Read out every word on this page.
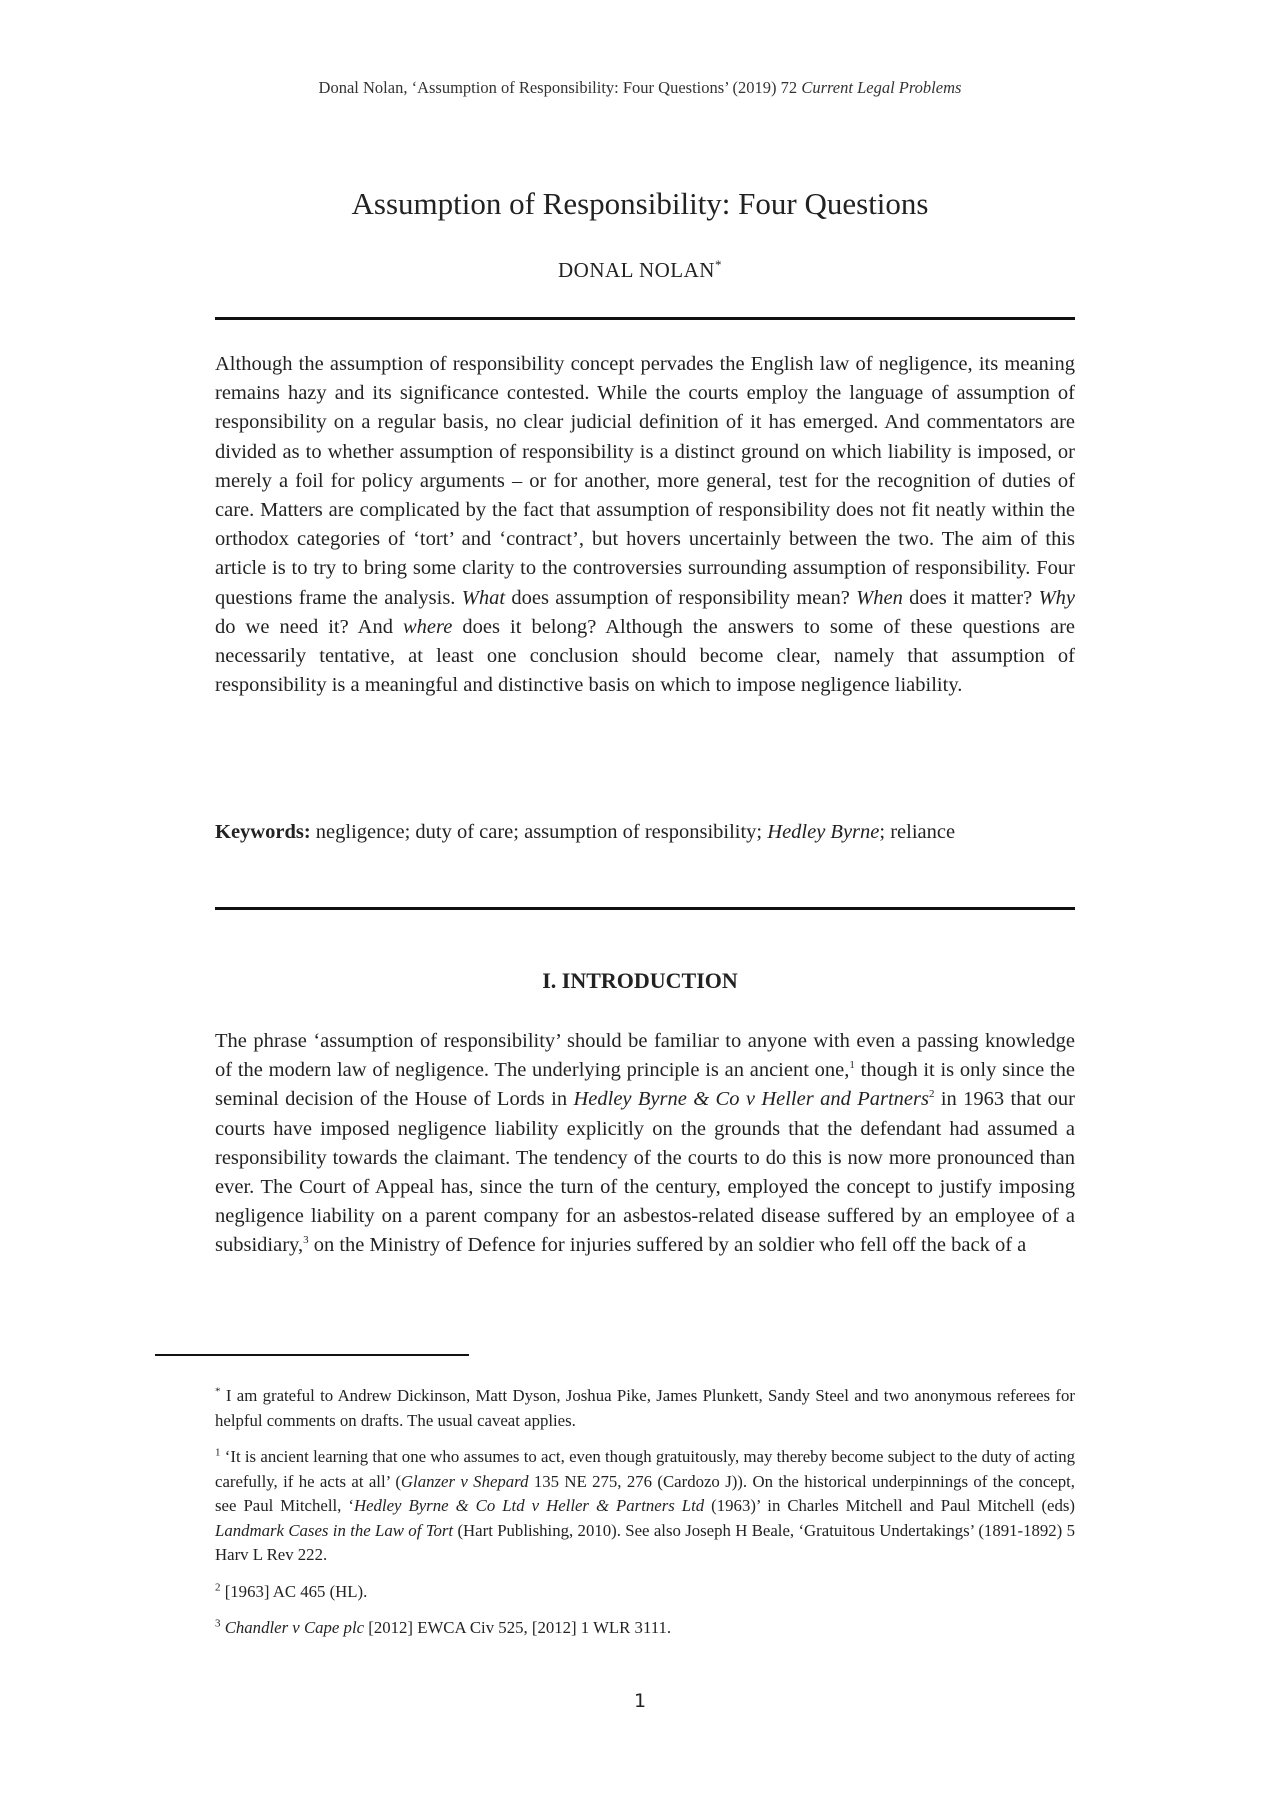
Donal Nolan, ‘Assumption of Responsibility: Four Questions’ (2019) 72 Current Legal Problems
Assumption of Responsibility: Four Questions
DONAL NOLAN*

Although the assumption of responsibility concept pervades the English law of negligence, its meaning remains hazy and its significance contested. While the courts employ the language of assumption of responsibility on a regular basis, no clear judicial definition of it has emerged. And commentators are divided as to whether assumption of responsibility is a distinct ground on which liability is imposed, or merely a foil for policy arguments – or for another, more general, test for the recognition of duties of care. Matters are complicated by the fact that assumption of responsibility does not fit neatly within the orthodox categories of ‘tort’ and ‘contract’, but hovers uncertainly between the two. The aim of this article is to try to bring some clarity to the controversies surrounding assumption of responsibility. Four questions frame the analysis. What does assumption of responsibility mean? When does it matter? Why do we need it? And where does it belong? Although the answers to some of these questions are necessarily tentative, at least one conclusion should become clear, namely that assumption of responsibility is a meaningful and distinctive basis on which to impose negligence liability.

Keywords: negligence; duty of care; assumption of responsibility; Hedley Byrne; reliance

I. INTRODUCTION

The phrase ‘assumption of responsibility’ should be familiar to anyone with even a passing knowledge of the modern law of negligence. The underlying principle is an ancient one,$^1$ though it is only since the seminal decision of the House of Lords in Hedley Byrne & Co v Heller and Partners$^2$ in 1963 that our courts have imposed negligence liability explicitly on the grounds that the defendant had assumed a responsibility towards the claimant. The tendency of the courts to do this is now more pronounced than ever. The Court of Appeal has, since the turn of the century, employed the concept to justify imposing negligence liability on a parent company for an asbestos-related disease suffered by an employee of a subsidiary,$^3$ on the Ministry of Defence for injuries suffered by an soldier who fell off the back of a

* I am grateful to Andrew Dickinson, Matt Dyson, Joshua Pike, James Plunkett, Sandy Steel and two anonymous referees for helpful comments on drafts. The usual caveat applies.

$^1$ ‘It is ancient learning that one who assumes to act, even though gratuitously, may thereby become subject to the duty of acting carefully, if he acts at all’ (Glanzer v Shepard 135 NE 275, 276 (Cardozo J)). On the historical underpinnings of the concept, see Paul Mitchell, ‘Hedley Byrne & Co Ltd v Heller & Partners Ltd (1963)’ in Charles Mitchell and Paul Mitchell (eds) Landmark Cases in the Law of Tort (Hart Publishing, 2010). See also Joseph H Beale, ‘Gratuitous Undertakings’ (1891-1892) 5 Harv L Rev 222.

$^2$ [1963] AC 465 (HL).

$^3$ Chandler v Cape plc [2012] EWCA Civ 525, [2012] 1 WLR 3111.

1
